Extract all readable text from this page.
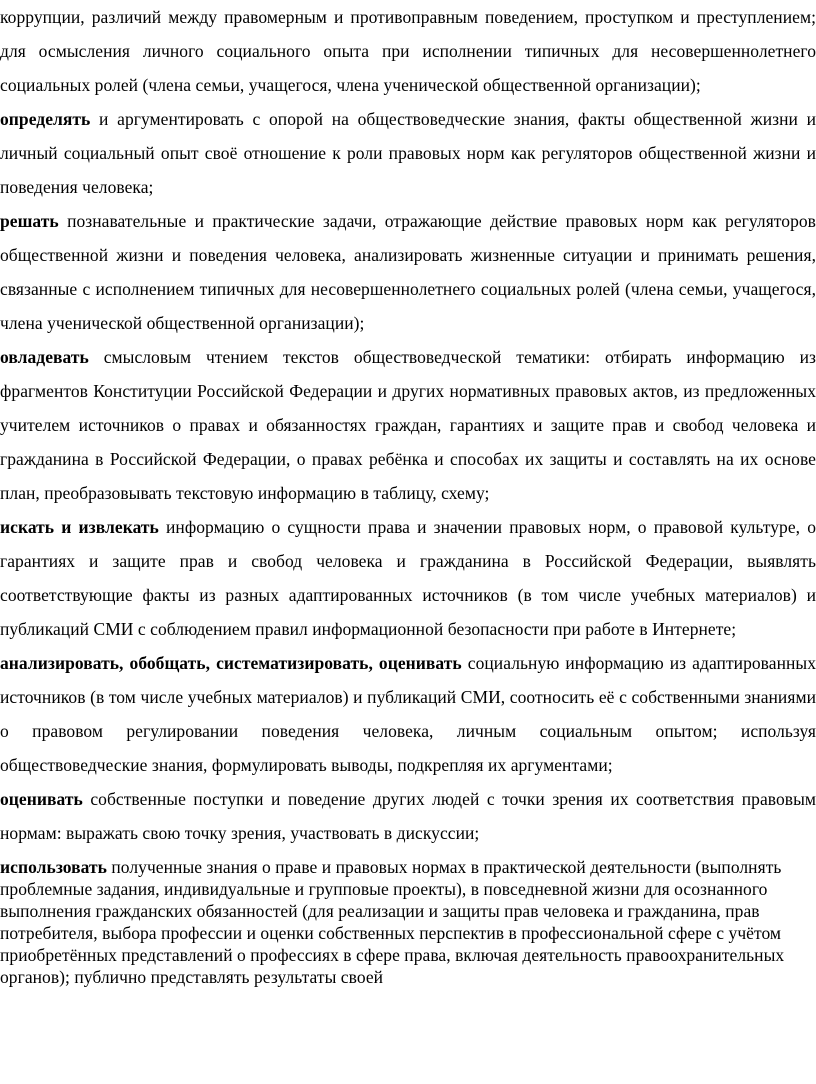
коррупции, различий между правомерным и противоправным поведением, проступком и преступлением; для осмысления личного социального опыта при исполнении типичных для несовершеннолетнего социальных ролей (члена семьи, учащегося, члена ученической общественной организации);

определять и аргументировать с опорой на обществоведческие знания, факты общественной жизни и личный социальный опыт своё отношение к роли правовых норм как регуляторов общественной жизни и поведения человека;

решать познавательные и практические задачи, отражающие действие правовых норм как регуляторов общественной жизни и поведения человека, анализировать жизненные ситуации и принимать решения, связанные с исполнением типичных для несовершеннолетнего социальных ролей (члена семьи, учащегося, члена ученической общественной организации);

овладевать смысловым чтением текстов обществоведческой тематики: отбирать информацию из фрагментов Конституции Российской Федерации и других нормативных правовых актов, из предложенных учителем источников о правах и обязанностях граждан, гарантиях и защите прав и свобод человека и гражданина в Российской Федерации, о правах ребёнка и способах их защиты и составлять на их основе план, преобразовывать текстовую информацию в таблицу, схему;

искать и извлекать информацию о сущности права и значении правовых норм, о правовой культуре, о гарантиях и защите прав и свобод человека и гражданина в Российской Федерации, выявлять соответствующие факты из разных адаптированных источников (в том числе учебных материалов) и публикаций СМИ с соблюдением правил информационной безопасности при работе в Интернете;

анализировать, обобщать, систематизировать, оценивать социальную информацию из адаптированных источников (в том числе учебных материалов) и публикаций СМИ, соотносить её с собственными знаниями о правовом регулировании поведения человека, личным социальным опытом; используя обществоведческие знания, формулировать выводы, подкрепляя их аргументами;

оценивать собственные поступки и поведение других людей с точки зрения их соответствия правовым нормам: выражать свою точку зрения, участвовать в дискуссии;

использовать полученные знания о праве и правовых нормах в практической деятельности (выполнять проблемные задания, индивидуальные и групповые проекты), в повседневной жизни для осознанного выполнения гражданских обязанностей (для реализации и защиты прав человека и гражданина, прав потребителя, выбора профессии и оценки собственных перспектив в профессиональной сфере с учётом приобретённых представлений о профессиях в сфере права, включая деятельность правоохранительных органов); публично представлять результаты своей
